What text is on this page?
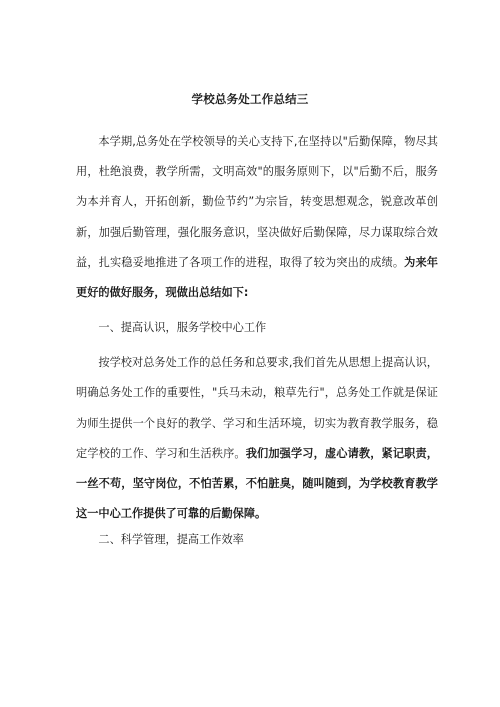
学校总务处工作总结三

本学期,总务处在学校领导的关心支持下,在坚持以"后勤保障，物尽其用，杜绝浪费，教学所需，文明高效"的服务原则下，以"后勤不后，服务为本并育人，开拓创新，勤俭节约”为宗旨，转变思想观念，锐意改革创新，加强后勤管理，强化服务意识，坚决做好后勤保障，尽力谋取综合效益，扎实稳妥地推进了各项工作的进程，取得了较为突出的成绩。为来年更好的做好服务，现做出总结如下:

一、提高认识，服务学校中心工作

按学校对总务处工作的总任务和总要求,我们首先从思想上提高认识，明确总务处工作的重要性，"兵马未动，粮草先行"，总务处工作就是保证为师生提供一个良好的教学、学习和生活环境，切实为教育教学服务，稳定学校的工作、学习和生活秩序。我们加强学习，虚心请教，紧记职责，一丝不苟，坚守岗位，不怕苦累，不怕脏臭，随叫随到，为学校教育教学这一中心工作提供了可靠的后勤保障。

二、科学管理，提高工作效率
